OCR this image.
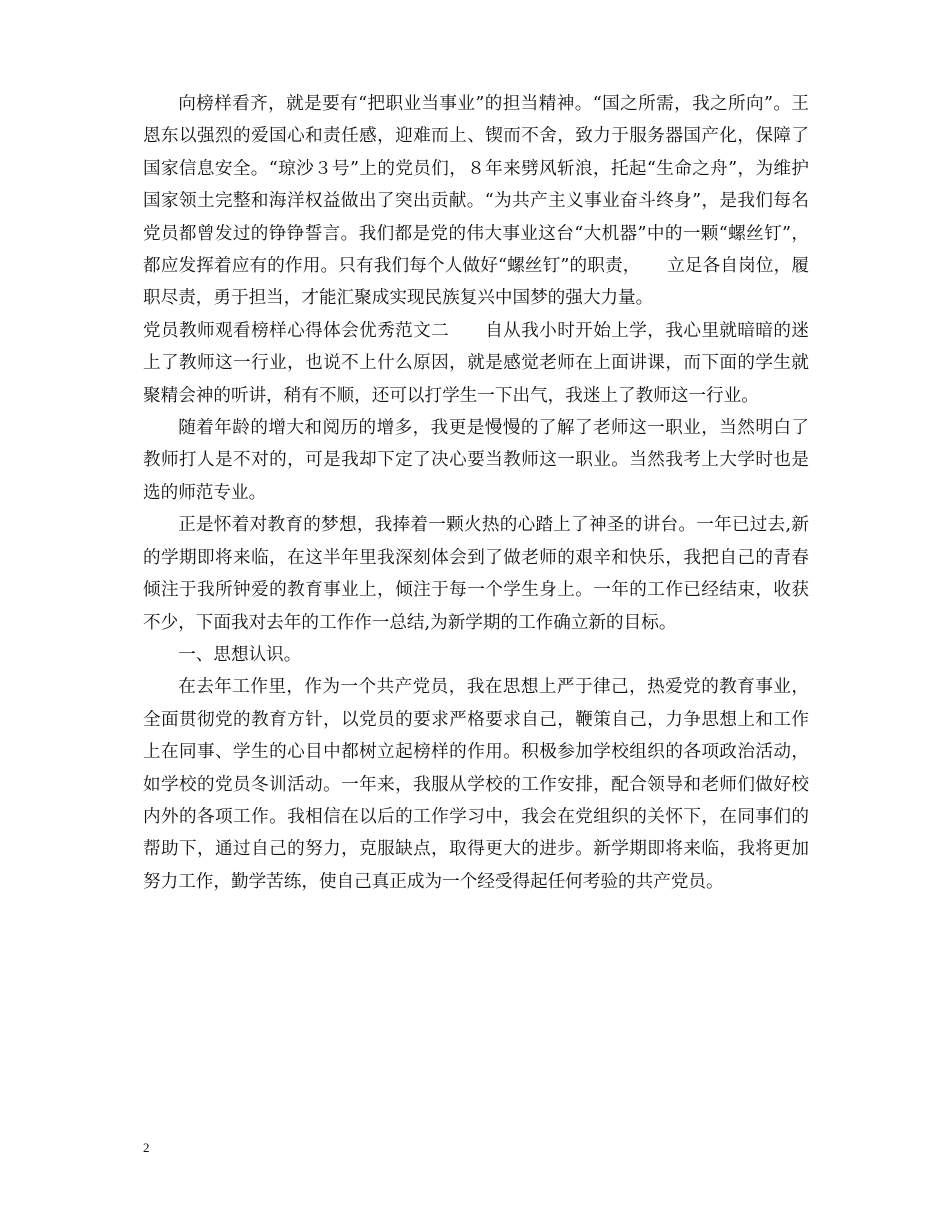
向榜样看齐，就是要有“把职业当事业”的担当精神。“国之所需，我之所向”。王恩东以强烈的爱国心和责任感，迎难而上、锲而不舍，致力于服务器国产化，保障了国家信息安全。“琼沙３号”上的党员们，８年来劈风斩浪，托起“生命之舟”，为维护国家领土完整和海洋权益做出了突出贡献。“为共产主义事业奋斗终身”，是我们每名党员都曾发过的铮铮誓言。我们都是党的伟大事业这台“大机器”中的一颗“螺丝钉”，都应发挥着应有的作用。只有我们每个人做好“螺丝钉”的职责，　　立足各自岗位，履职尽责，勇于担当，才能汇聚成实现民族复兴中国梦的强大力量。

党员教师观看榜样心得体会优秀范文二　　自从我小时开始上学，我心里就暗暗的迷上了教师这一行业，也说不上什么原因，就是感觉老师在上面讲课，而下面的学生就聚精会神的听讲，稍有不顺，还可以打学生一下出气，我迷上了教师这一行业。

随着年龄的增大和阅历的增多，我更是慢慢的了解了老师这一职业，当然明白了教师打人是不对的，可是我却下定了决心要当教师这一职业。当然我考上大学时也是选的师范专业。

正是怀着对教育的梦想，我捧着一颗火热的心踏上了神圣的讲台。一年已过去,新的学期即将来临，在这半年里我深刻体会到了做老师的艰辛和快乐，我把自己的青春倾注于我所钟爱的教育事业上，倾注于每一个学生身上。一年的工作已经结束，收获不少，下面我对去年的工作作一总结,为新学期的工作确立新的目标。

一、思想认识。

在去年工作里，作为一个共产党员，我在思想上严于律己，热爱党的教育事业，全面贯彻党的教育方针，以党员的要求严格要求自己，鞭策自己，力争思想上和工作上在同事、学生的心目中都树立起榜样的作用。积极参加学校组织的各项政治活动，如学校的党员冬训活动。一年来，我服从学校的工作安排，配合领导和老师们做好校内外的各项工作。我相信在以后的工作学习中，我会在党组织的关怀下，在同事们的帮助下，通过自己的努力，克服缺点，取得更大的进步。新学期即将来临，我将更加努力工作，勤学苦练，使自己真正成为一个经受得起任何考验的共产党员。

2
